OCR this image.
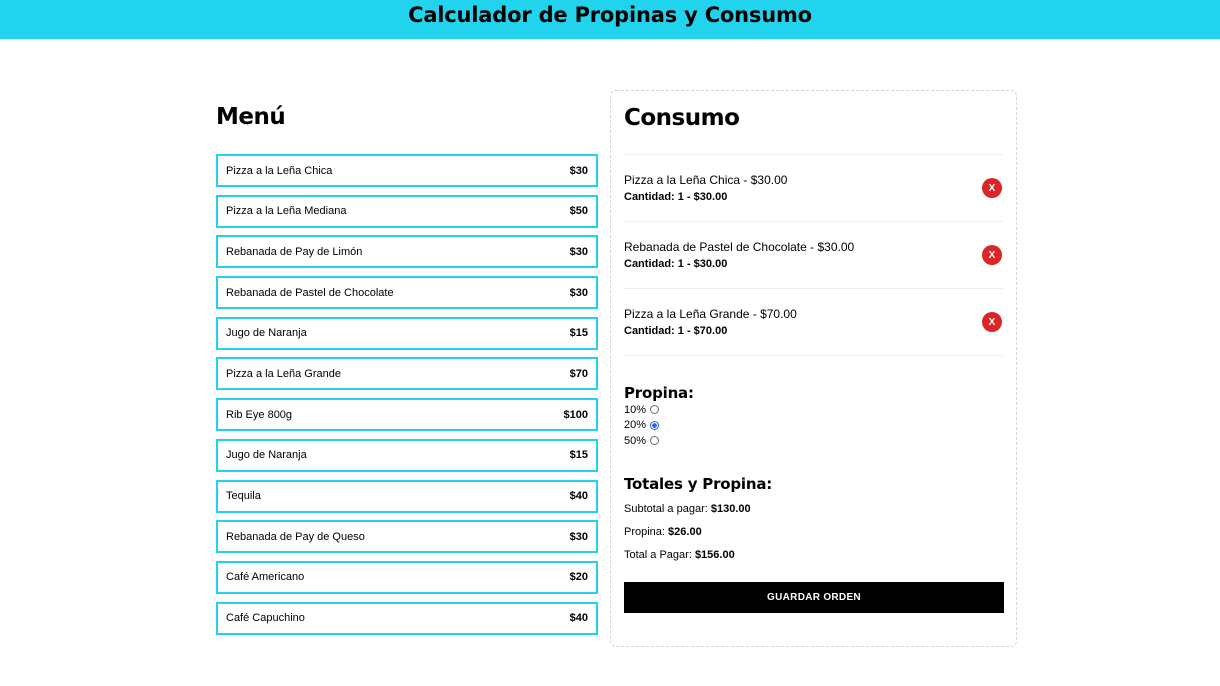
Calculador de Propinas y Consumo
Menú
Pizza a la Leña Chica	$30
Pizza a la Leña Mediana	$50
Rebanada de Pay de Limón	$30
Rebanada de Pastel de Chocolate	$30
Jugo de Naranja	$15
Pizza a la Leña Grande	$70
Rib Eye 800g	$100
Jugo de Naranja	$15
Tequila	$40
Rebanada de Pay de Queso	$30
Café Americano	$20
Café Capuchino	$40
Consumo

Pizza a la Leña Chica - $30.00

Cantidad: 1 - $30.00

X

Rebanada de Pastel de Chocolate - $30.00

Cantidad: 1 - $30.00

X

Pizza a la Leña Grande - $70.00

Cantidad: 1 - $70.00

X
Propina:
10%
20%
50%
Totales y Propina:

Subtotal a pagar: $130.00

Propina: $26.00

Total a Pagar: $156.00

GUARDAR ORDEN
